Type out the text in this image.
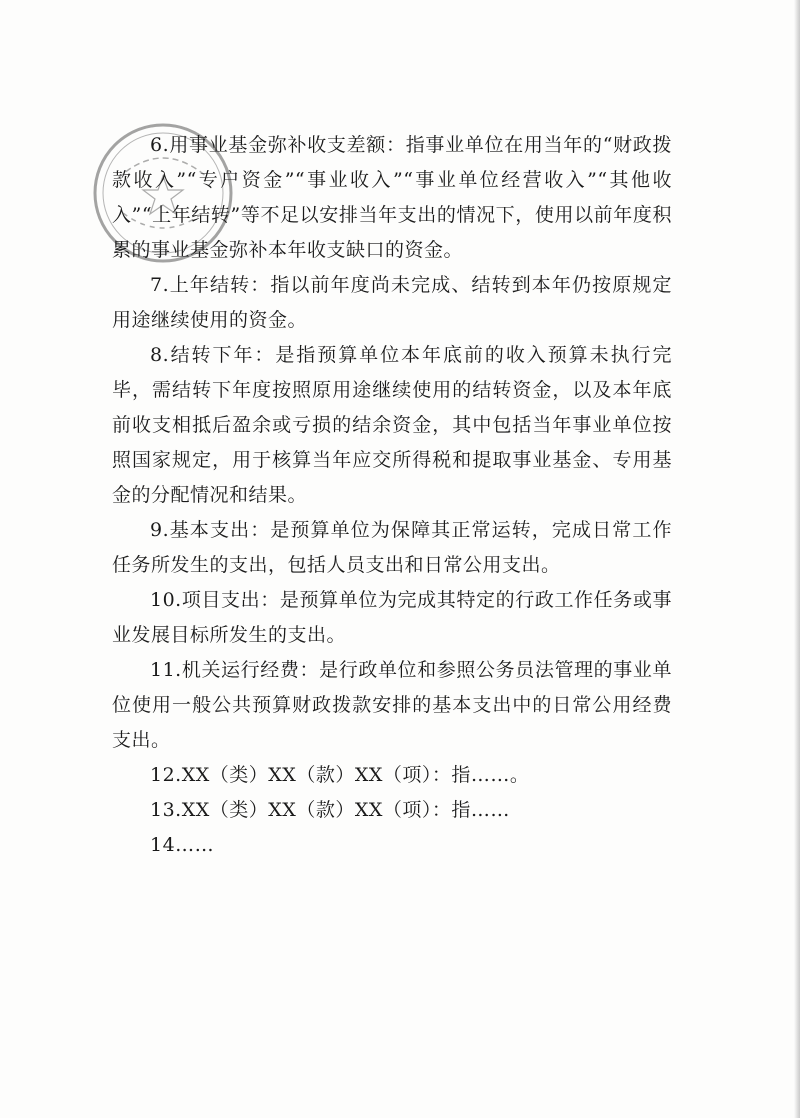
6.用事业基金弥补收支差额：指事业单位在用当年的“财政拨款收入”“专户资金”“事业收入”“事业单位经营收入”“其他收入”“上年结转”等不足以安排当年支出的情况下，使用以前年度积累的事业基金弥补本年收支缺口的资金。

7.上年结转：指以前年度尚未完成、结转到本年仍按原规定用途继续使用的资金。

8.结转下年：是指预算单位本年底前的收入预算未执行完毕，需结转下年度按照原用途继续使用的结转资金，以及本年底前收支相抵后盈余或亏损的结余资金，其中包括当年事业单位按照国家规定，用于核算当年应交所得税和提取事业基金、专用基金的分配情况和结果。

9.基本支出：是预算单位为保障其正常运转，完成日常工作任务所发生的支出，包括人员支出和日常公用支出。

10.项目支出：是预算单位为完成其特定的行政工作任务或事业发展目标所发生的支出。

11.机关运行经费：是行政单位和参照公务员法管理的事业单位使用一般公共预算财政拨款安排的基本支出中的日常公用经费支出。

12.XX（类）XX（款）XX（项）：指……。

13.XX（类）XX（款）XX（项）：指……

14……
